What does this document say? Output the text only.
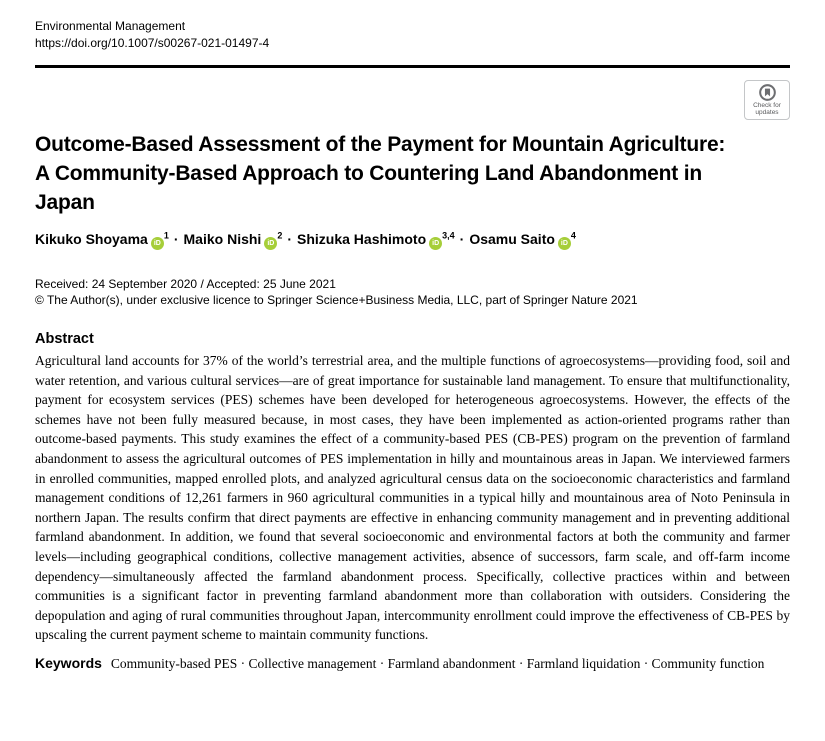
Environmental Management
https://doi.org/10.1007/s00267-021-01497-4
Check for
updates
Outcome-Based Assessment of the Payment for Mountain Agriculture: A Community-Based Approach to Countering Land Abandonment in Japan
Kikuko Shoyama $iD^1$ · Maiko Nishi $iD^2$ · Shizuka Hashimoto iD$^{3,4}$ · Osamu Saito $iD^4$
Received: 24 September 2020 / Accepted: 25 June 2021
© The Author(s), under exclusive licence to Springer Science+Business Media, LLC, part of Springer Nature 2021
Abstract

Agricultural land accounts for 37% of the world’s terrestrial area, and the multiple functions of agroecosystems—providing food, soil and water retention, and various cultural services—are of great importance for sustainable land management. To ensure that multifunctionality, payment for ecosystem services (PES) schemes have been developed for heterogeneous agroecosystems. However, the effects of the schemes have not been fully measured because, in most cases, they have been implemented as action-oriented programs rather than outcome-based payments. This study examines the effect of a community-based PES (CB-PES) program on the prevention of farmland abandonment to assess the agricultural outcomes of PES implementation in hilly and mountainous areas in Japan. We interviewed farmers in enrolled communities, mapped enrolled plots, and analyzed agricultural census data on the socioeconomic characteristics and farmland management conditions of 12,261 farmers in 960 agricultural communities in a typical hilly and mountainous area of Noto Peninsula in northern Japan. The results confirm that direct payments are effective in enhancing community management and in preventing additional farmland abandonment. In addition, we found that several socioeconomic and environmental factors at both the community and farmer levels—including geographical conditions, collective management activities, absence of successors, farm scale, and off-farm income dependency—simultaneously affected the farmland abandonment process. Specifically, collective practices within and between communities is a significant factor in preventing farmland abandonment more than collaboration with outsiders. Considering the depopulation and aging of rural communities throughout Japan, intercommunity enrollment could improve the effectiveness of CB-PES by upscaling the current payment scheme to maintain community functions.

Keywords Community-based PES · Collective management · Farmland abandonment · Farmland liquidation · Community function
